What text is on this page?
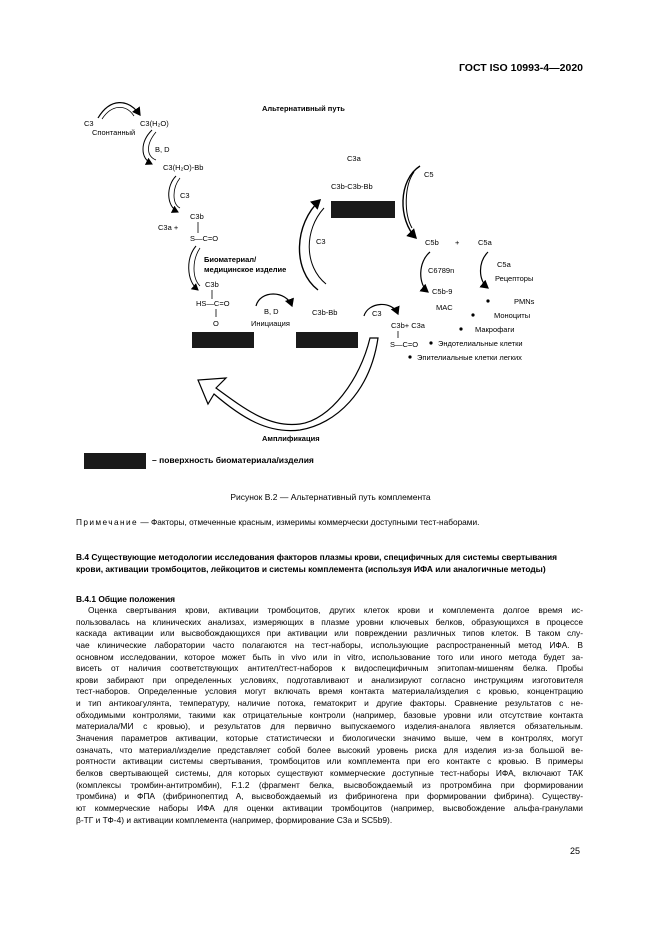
ГОСТ ISO 10993-4—2020
Альтернативный путь
C3
Спонтанный
C3(H₂O)
B, D
C3(H₂O)-Bb
C3
C3a +
C3b
S—C=O
Биоматериал/
медицинское изделие
C3b
HS—C=O
O
B, D
Инициация
C3b-Bb	C3
C3b+ C3a
S—C=O
C3a
C3b-C3b-Bb
C3
C5
C5b + C5a
C6789n
C5b-9
MAC
C5a
Рецепторы
PMNs
Моноциты
Макрофаги
Эндотелиальные клетки
Эпителиальные клетки легких
Амплификация
– поверхность биоматериала/изделия
Рисунок В.2 — Альтернативный путь комплемента
Примечание — Факторы, отмеченные красным, измеримы коммерчески доступными тест-наборами.
В.4 Существующие методологии исследования факторов плазмы крови, специфичных для системы свертывания крови, активации тромбоцитов, лейкоцитов и системы комплемента (используя ИФА или аналогичные методы)
В.4.1 Общие положения
Оценка свертывания крови, активации тромбоцитов, других клеток крови и комплемента долгое время ис-
пользовалась на клинических анализах, измеряющих в плазме уровни ключевых белков, образующихся в процессе
каскада активации или высвобождающихся при активации или повреждении различных типов клеток. В таком слу-
чае клинические лаборатории часто полагаются на тест-наборы, использующие распространенный метод ИФА. В
основном исследовании, которое может быть in vivo или in vitro, использование того или иного метода будет за-
висеть от наличия соответствующих антител/тест-наборов к видоспецифичным эпитопам-мишеням белка. Пробы
крови забирают при определенных условиях, подготавливают и анализируют согласно инструкциям изготовителя
тест-наборов. Определенные условия могут включать время контакта материала/изделия с кровью, концентрацию
и тип антикоагулянта, температуру, наличие потока, гематокрит и другие факторы. Сравнение результатов с не-
обходимыми контролями, такими как отрицательные контроли (например, базовые уровни или отсутствие контакта
материала/МИ с кровью), и результатов для первично выпускаемого изделия-аналога является обязательным.
Значения параметров активации, которые статистически и биологически значимо выше, чем в контролях, могут
означать, что материал/изделие представляет собой более высокий уровень риска для изделия из-за большой ве-
роятности активации системы свертывания, тромбоцитов или комплемента при его контакте с кровью. В примеры
белков свертывающей системы, для которых существуют коммерческие доступные тест-наборы ИФА, включают ТАК
(комплексы тромбин-антитромбин), F.1.2 (фрагмент белка, высвобождаемый из протромбина при формировании
тромбина) и ФПА (фибринопептид А, высвобождаемый из фибриногена при формировании фибрина). Существу-
ют коммерческие наборы ИФА для оценки активации тромбоцитов (например, высвобождение альфа-гранулами
β-ТГ и ТФ-4) и активации комплемента (например, формирование С3а и SC5b9).
25
